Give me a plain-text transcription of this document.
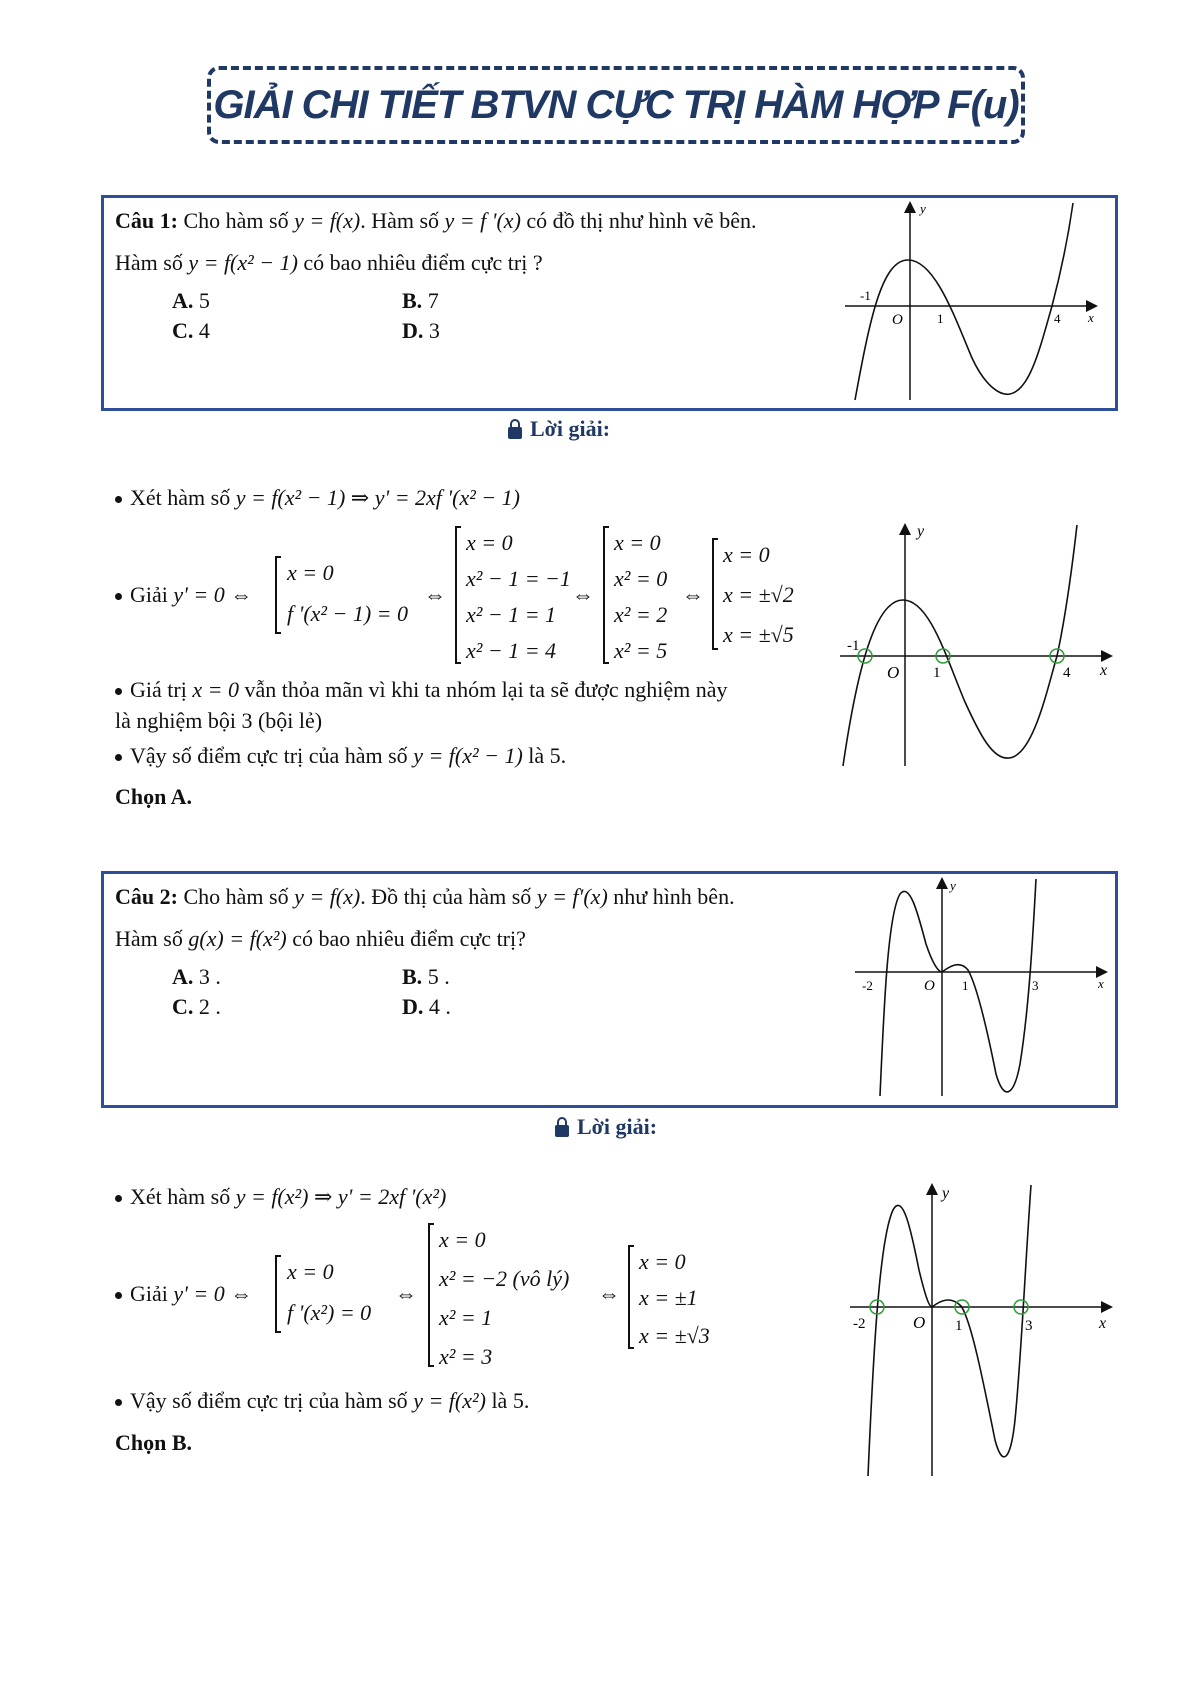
GIẢI CHI TIẾT BTVN CỰC TRỊ HÀM HỢP F(u)
Câu 1: Cho hàm số y = f(x). Hàm số y = f '(x) có đồ thị như hình vẽ bên.
Hàm số y = f(x² − 1) có bao nhiêu điểm cực trị ?
A. 5	B. 7
C. 4	D. 3
y
x
O
-1
1	4
Lời giải:
Xét hàm số y = f(x² − 1) ⇒ y' = 2xf '(x² − 1)
Giải y' = 0 ⇔
x = 0
f '(x² − 1) = 0
⇔
x = 0
x² − 1 = −1
x² − 1 = 1
x² − 1 = 4
⇔
x = 0
x² = 0
x² = 2
x² = 5
⇔
x = 0
x = ±√2
x = ±√5
Giá trị x = 0 vẫn thỏa mãn vì khi ta nhóm lại ta sẽ được nghiệm này
là nghiệm bội 3 (bội lẻ)
Vậy số điểm cực trị của hàm số y = f(x² − 1) là 5.
Chọn A.
y
x
O
-1
1	4
Câu 2: Cho hàm số y = f(x). Đồ thị của hàm số y = f′(x) như hình bên.
Hàm số g(x) = f(x²) có bao nhiêu điểm cực trị?
A. 3 .	B. 5 .
C. 2 .	D. 4 .
y
x
O
-2	1	3
Lời giải:
Xét hàm số y = f(x²) ⇒ y' = 2xf '(x²)
Giải y' = 0 ⇔
x = 0
f '(x²) = 0
⇔
x = 0
x² = −2 (vô lý)
x² = 1
x² = 3
⇔
x = 0
x = ±1
x = ±√3
Vậy số điểm cực trị của hàm số y = f(x²) là 5.
Chọn B.
y
x
O
-2	1	3
